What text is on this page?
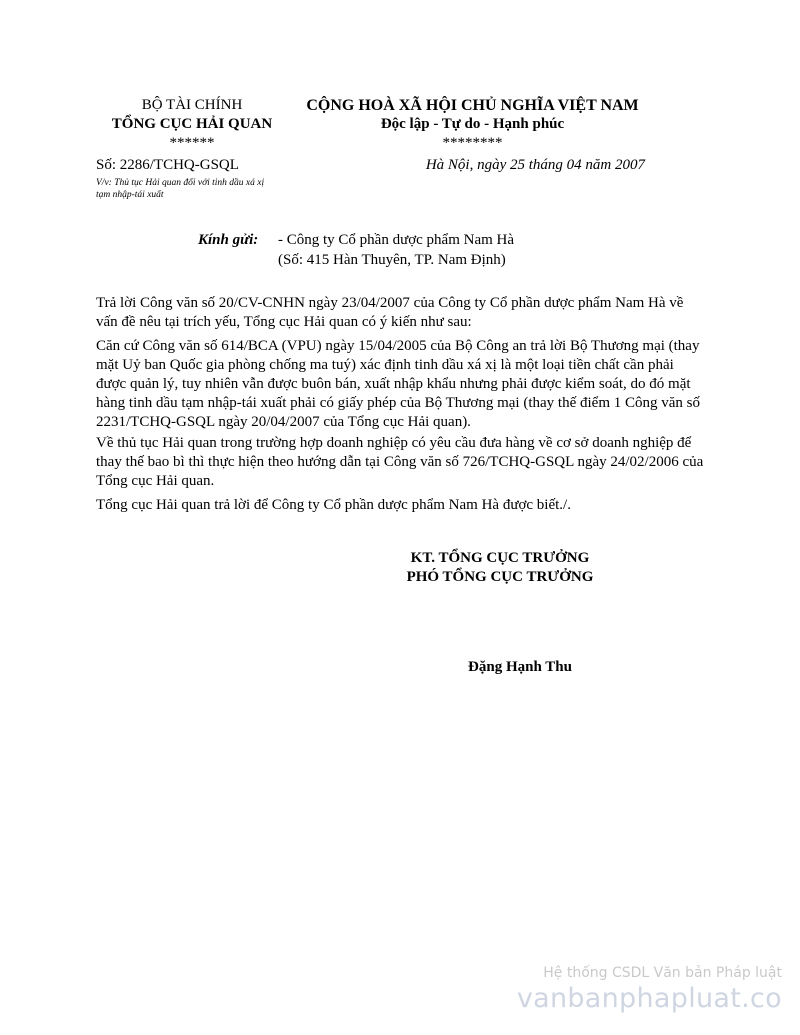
BỘ TÀI CHÍNH
TỔNG CỤC HẢI QUAN
******
CỘNG HOÀ XÃ HỘI CHỦ NGHĨA VIỆT NAM
Độc lập - Tự do - Hạnh phúc
********
Số: 2286/TCHQ-GSQL
V/v: Thủ tục Hải quan đối với tinh dầu xá xị
tạm nhập-tái xuất
Hà Nội, ngày 25 tháng 04 năm 2007
Kính gửi: - Công ty Cổ phần dược phẩm Nam Hà
(Số: 415 Hàn Thuyên, TP. Nam Định)
Trả lời Công văn số 20/CV-CNHN ngày 23/04/2007 của Công ty Cổ phần dược phẩm Nam Hà về vấn đề nêu tại trích yếu, Tổng cục Hải quan có ý kiến như sau:
Căn cứ Công văn số 614/BCA (VPU) ngày 15/04/2005 của Bộ Công an trả lời Bộ Thương mại (thay mặt Uỷ ban Quốc gia phòng chống ma tuý) xác định tinh dầu xá xị là một loại tiền chất cần phải được quản lý, tuy nhiên vẫn được buôn bán, xuất nhập khẩu nhưng phải được kiểm soát, do đó mặt hàng tinh dầu tạm nhập-tái xuất phải có giấy phép của Bộ Thương mại (thay thế điểm 1 Công văn số 2231/TCHQ-GSQL ngày 20/04/2007 của Tổng cục Hải quan).
Về thủ tục Hải quan trong trường hợp doanh nghiệp có yêu cầu đưa hàng về cơ sở doanh nghiệp để thay thế bao bì thì thực hiện theo hướng dẫn tại Công văn số 726/TCHQ-GSQL ngày 24/02/2006 của Tổng cục Hải quan.
Tổng cục Hải quan trả lời để Công ty Cổ phần dược phẩm Nam Hà được biết./.
KT. TỔNG CỤC TRƯỞNG
PHÓ TỔNG CỤC TRƯỞNG
Đặng Hạnh Thu
Hệ thống CSDL Văn bản Pháp luật
vanbanphapluat.co
